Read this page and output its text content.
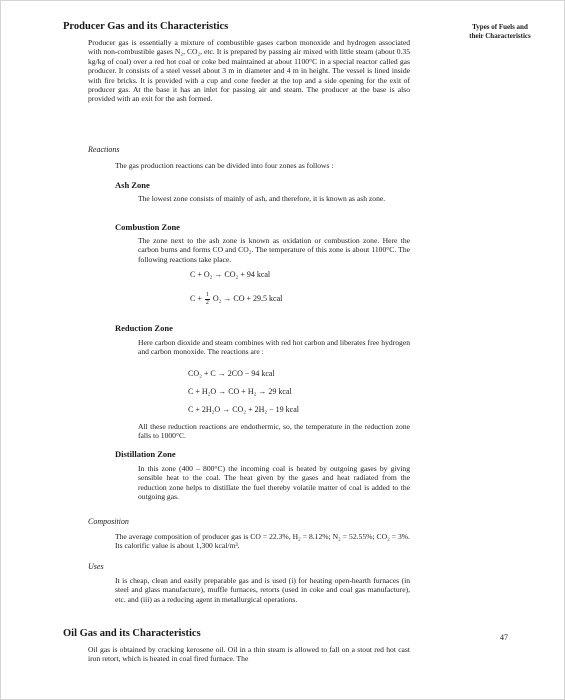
Types of Fuels and
their Characteristics
Producer Gas and its Characteristics
Producer gas is essentially a mixture of combustible gases carbon monoxide and hydrogen associated with non-combustible gases N₂, CO₂, etc. It is prepared by passing air mixed with little steam (about 0.35 kg/kg of coal) over a red hot coal or coke bed maintained at about 1100°C in a special reactor called gas producer. It consists of a steel vessel about 3 m in diameter and 4 m in height. The vessel is lined inside with fire bricks. It is provided with a cup and cone feeder at the top and a side opening for the exit of producer gas. At the base it has an inlet for passing air and steam. The producer at the base is also provided with an exit for the ash formed.
Reactions
The gas production reactions can be divided into four zones as follows :
Ash Zone
The lowest zone consists of mainly of ash, and therefore, it is known as ash zone.
Combustion Zone
The zone next to the ash zone is known as oxidation or combustion zone. Here the carbon burns and forms CO and CO₂. The temperature of this zone is about 1100°C. The following reactions take place.
C + O₂ → CO₂ + 94 kcal
$C + \frac{1}{2} O_2$ → CO + 29.5 kcal
Reduction Zone
Here carbon dioxide and steam combines with red hot carbon and liberates free hydrogen and carbon monoxide. The reactions are :
CO₂ + C → 2CO − 94 kcal
C + H₂O → CO + H₂ → 29 kcal
C + 2H₂O → CO₂ + 2H₂ − 19 kcal
All these reduction reactions are endothermic, so, the temperature in the reduction zone falls to 1000°C.
Distillation Zone
In this zone (400 – 800°C) the incoming coal is heated by outgoing gases by giving sensible heat to the coal. The heat given by the gases and heat radiated from the reduction zone helps to distillate the fuel thereby volatile matter of coal is added to the outgoing gas.
Composition
The average composition of producer gas is CO = 22.3%, H₂ = 8.12%; N₂ = 52.55%; CO₂ = 3%. Its calorific value is about 1,300 kcal/m³.
Uses
It is cheap, clean and easily preparable gas and is used (i) for heating open-hearth furnaces (in steel and glass manufacture), muffle furnaces, retorts (used in coke and coal gas manufacture), etc. and (iii) as a reducing agent in metallurgical operations.
Oil Gas and its Characteristics
Oil gas is obtained by cracking kerosene oil. Oil in a thin steam is allowed to fall on a stout red hot cast iron retort, which is heated in coal fired furnace. The
47
